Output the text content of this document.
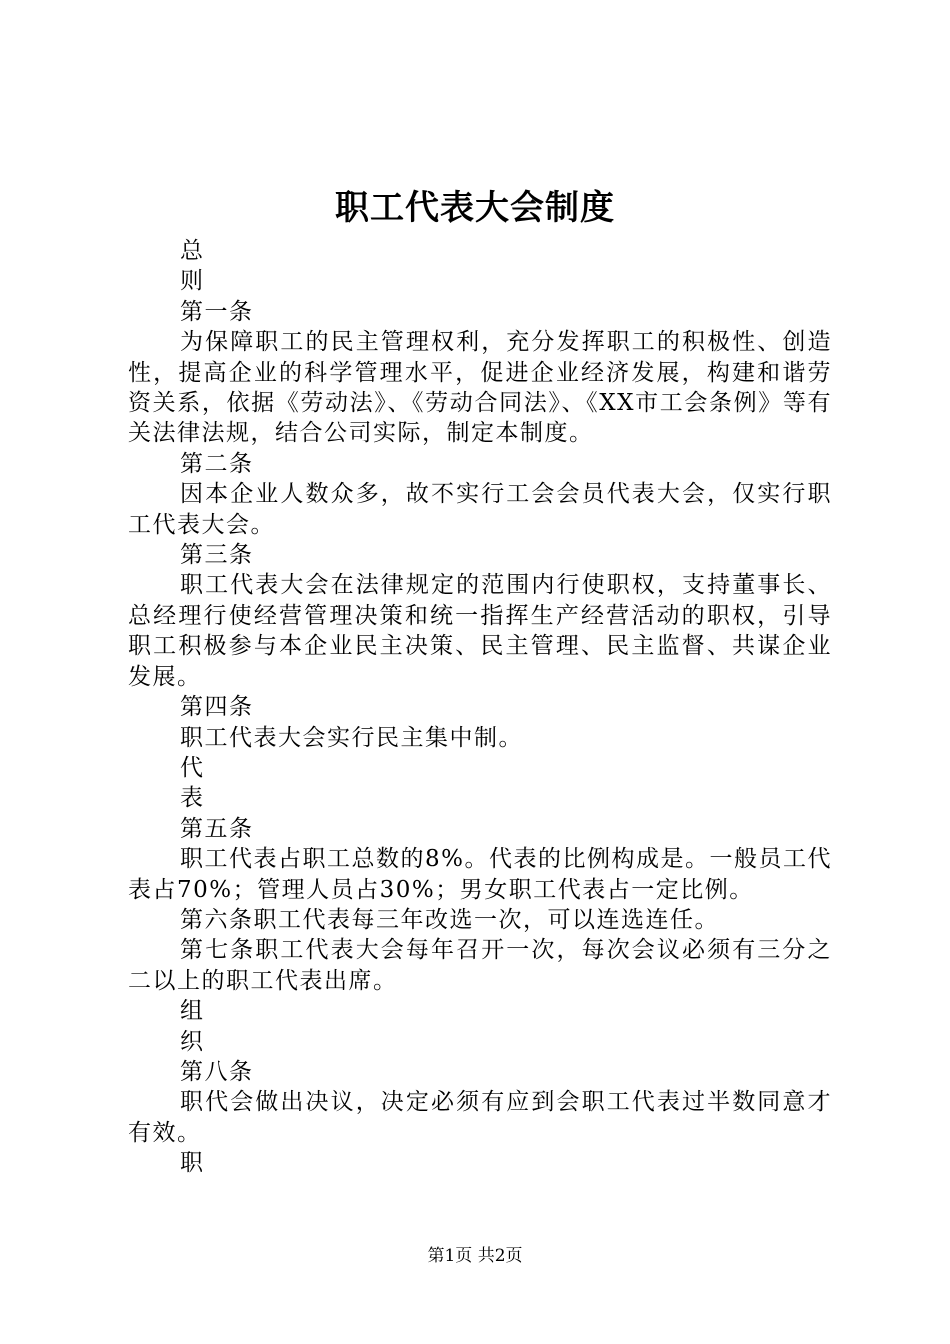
职工代表大会制度

总

则

第一条

为保障职工的民主管理权利，充分发挥职工的积极性、创造性，提高企业的科学管理水平，促进企业经济发展，构建和谐劳资关系，依据《劳动法》、《劳动合同法》、《XX市工会条例》等有关法律法规，结合公司实际，制定本制度。

第二条

因本企业人数众多，故不实行工会会员代表大会，仅实行职工代表大会。

第三条

职工代表大会在法律规定的范围内行使职权，支持董事长、总经理行使经营管理决策和统一指挥生产经营活动的职权，引导职工积极参与本企业民主决策、民主管理、民主监督、共谋企业发展。

第四条

职工代表大会实行民主集中制。

代

表

第五条

职工代表占职工总数的8%。代表的比例构成是。一般员工代表占70%；管理人员占30%；男女职工代表占一定比例。

第六条职工代表每三年改选一次，可以连选连任。

第七条职工代表大会每年召开一次，每次会议必须有三分之二以上的职工代表出席。

组

织

第八条

职代会做出决议，决定必须有应到会职工代表过半数同意才有效。

职

第1页 共2页
